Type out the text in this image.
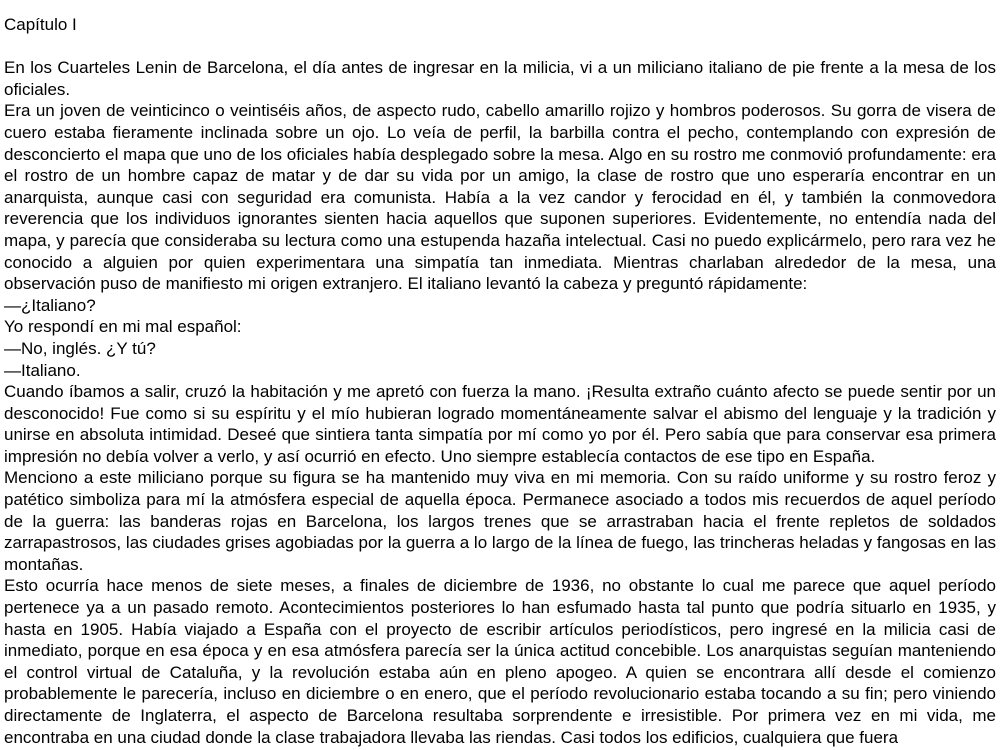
Capítulo I

En los Cuarteles Lenin de Barcelona, el día antes de ingresar en la milicia, vi a un miliciano italiano de pie frente a la mesa de los oficiales.

Era un joven de veinticinco o veintiséis años, de aspecto rudo, cabello amarillo rojizo y hombros poderosos. Su gorra de visera de cuero estaba fieramente inclinada sobre un ojo. Lo veía de perfil, la barbilla contra el pecho, contemplando con expresión de desconcierto el mapa que uno de los oficiales había desplegado sobre la mesa. Algo en su rostro me conmovió profundamente: era el rostro de un hombre capaz de matar y de dar su vida por un amigo, la clase de rostro que uno esperaría encontrar en un anarquista, aunque casi con seguridad era comunista. Había a la vez candor y ferocidad en él, y también la conmovedora reverencia que los individuos ignorantes sienten hacia aquellos que suponen superiores. Evidentemente, no entendía nada del mapa, y parecía que consideraba su lectura como una estupenda hazaña intelectual. Casi no puedo explicármelo, pero rara vez he conocido a alguien por quien experimentara una simpatía tan inmediata. Mientras charlaban alrededor de la mesa, una observación puso de manifiesto mi origen extranjero. El italiano levantó la cabeza y preguntó rápidamente:

—¿Italiano?

Yo respondí en mi mal español:

—No, inglés. ¿Y tú?

—Italiano.

Cuando íbamos a salir, cruzó la habitación y me apretó con fuerza la mano. ¡Resulta extraño cuánto afecto se puede sentir por un desconocido! Fue como si su espíritu y el mío hubieran logrado momentáneamente salvar el abismo del lenguaje y la tradición y unirse en absoluta intimidad. Deseé que sintiera tanta simpatía por mí como yo por él. Pero sabía que para conservar esa primera impresión no debía volver a verlo, y así ocurrió en efecto. Uno siempre establecía contactos de ese tipo en España.

Menciono a este miliciano porque su figura se ha mantenido muy viva en mi memoria. Con su raído uniforme y su rostro feroz y patético simboliza para mí la atmósfera especial de aquella época. Permanece asociado a todos mis recuerdos de aquel período de la guerra: las banderas rojas en Barcelona, los largos trenes que se arrastraban hacia el frente repletos de soldados zarrapastrosos, las ciudades grises agobiadas por la guerra a lo largo de la línea de fuego, las trincheras heladas y fangosas en las montañas.

Esto ocurría hace menos de siete meses, a finales de diciembre de 1936, no obstante lo cual me parece que aquel período pertenece ya a un pasado remoto. Acontecimientos posteriores lo han esfumado hasta tal punto que podría situarlo en 1935, y hasta en 1905. Había viajado a España con el proyecto de escribir artículos periodísticos, pero ingresé en la milicia casi de inmediato, porque en esa época y en esa atmósfera parecía ser la única actitud concebible. Los anarquistas seguían manteniendo el control virtual de Cataluña, y la revolución estaba aún en pleno apogeo. A quien se encontrara allí desde el comienzo probablemente le parecería, incluso en diciembre o en enero, que el período revolucionario estaba tocando a su fin; pero viniendo directamente de Inglaterra, el aspecto de Barcelona resultaba sorprendente e irresistible. Por primera vez en mi vida, me encontraba en una ciudad donde la clase trabajadora llevaba las riendas. Casi todos los edificios, cualquiera que fuera
